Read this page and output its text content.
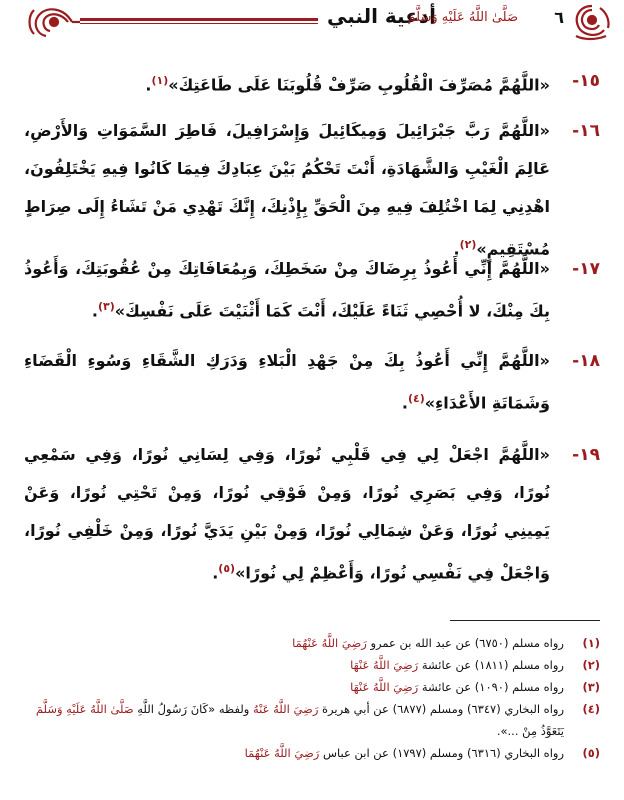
٦
أدعية النبي
صَلَّىٰ اللَّهُ عَلَيْهِ وَسَلَّمَ
١٥-
«اللَّهُمَّ مُصَرِّفَ الْقُلُوبِ صَرِّفْ قُلُوبَنَا عَلَى طَاعَتِكَ»$^{(١)}$.
١٦-
«اللَّهُمَّ رَبَّ جَبْرَائِيلَ وَمِيكَائِيلَ وَإِسْرَافِيلَ، فَاطِرَ السَّمَوَاتِ وَالأَرْضِ، عَالِمَ الْغَيْبِ وَالشَّهَادَةِ، أَنْتَ تَحْكُمُ بَيْنَ عِبَادِكَ فِيمَا كَانُوا فِيهِ يَخْتَلِفُونَ، اهْدِنِي لِمَا اخْتُلِفَ فِيهِ مِنَ الْحَقِّ بِإِذْنِكَ، إِنَّكَ تَهْدِي مَنْ تَشَاءُ إِلَى صِرَاطٍ مُسْتَقِيمٍ»$^{(٢)}$.
١٧-
«اللَّهُمَّ إِنِّي أَعُوذُ بِرِضَاكَ مِنْ سَخَطِكَ، وَبِمُعَافَاتِكَ مِنْ عُقُوبَتِكَ، وَأَعُوذُ بِكَ مِنْكَ، لا أُحْصِي ثَنَاءً عَلَيْكَ، أَنْتَ كَمَا أَثْنَيْتَ عَلَى نَفْسِكَ»$^{(٣)}$.
١٨-
«اللَّهُمَّ إِنِّي أَعُوذُ بِكَ مِنْ جَهْدِ الْبَلاءِ وَدَرَكِ الشَّقَاءِ وَسُوءِ الْقَضَاءِ وَشَمَاتَةِ الأَعْدَاءِ»$^{(٤)}$.
١٩-
«اللَّهُمَّ اجْعَلْ لِي فِي قَلْبِي نُورًا، وَفِي لِسَانِي نُورًا، وَفِي سَمْعِي نُورًا، وَفِي بَصَرِي نُورًا، وَمِنْ فَوْقِي نُورًا، وَمِنْ تَحْتِي نُورًا، وَعَنْ يَمِينِي نُورًا، وَعَنْ شِمَالِي نُورًا، وَمِنْ بَيْنِ يَدَيَّ نُورًا، وَمِنْ خَلْفِي نُورًا، وَاجْعَلْ فِي نَفْسِي نُورًا، وَأَعْظِمْ لِي نُورًا»$^{(٥)}$.
(١)
رواه مسلم (٦٧٥٠) عن عبد الله بن عمرو رَضِيَ اللَّهُ عَنْهُمَا
(٢)
رواه مسلم (١٨١١) عن عائشة رَضِيَ اللَّهُ عَنْهَا
(٣)
رواه مسلم (١٠٩٠) عن عائشة رَضِيَ اللَّهُ عَنْهَا
(٤)
رواه البخاري (٦٣٤٧) ومسلم (٦٨٧٧) عن أبي هريرة رَضِيَ اللَّهُ عَنْهُ ولفظه «كَانَ رَسُولُ اللَّهِ صَلَّىٰ اللَّهُ عَلَيْهِ وَسَلَّمَ يَتَعَوَّذُ مِنْ ...».
(٥)
رواه البخاري (٦٣١٦) ومسلم (١٧٩٧) عن ابن عباس رَضِيَ اللَّهُ عَنْهُمَا
